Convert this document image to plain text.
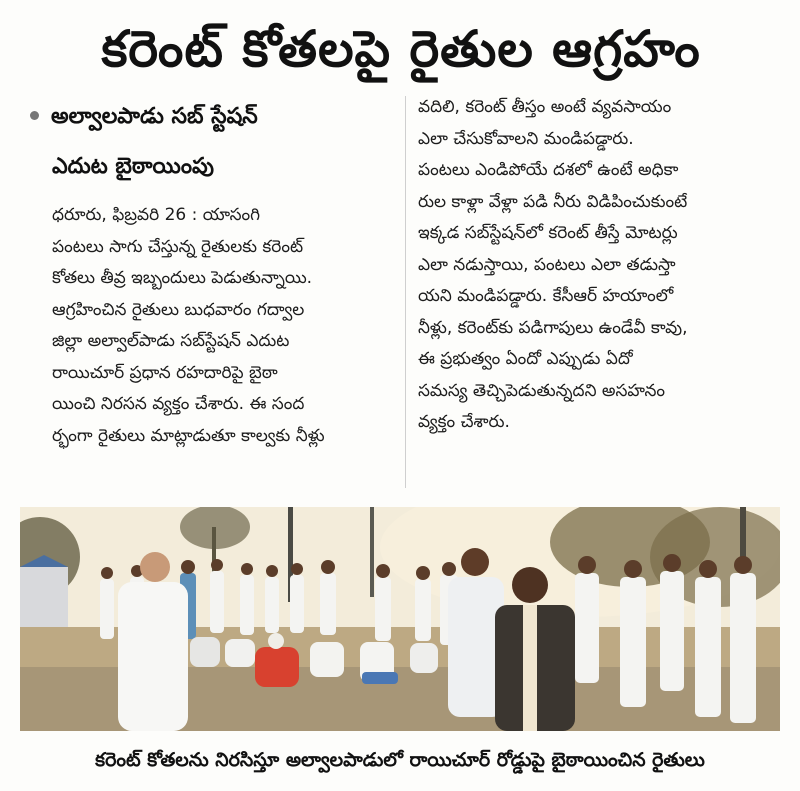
కరెంట్ కోతలపై రైతుల ఆగ్రహం
అల్వాలపాడు సబ్ స్టేషన్
ఎదుట బైఠాయింపు
ధరూరు, ఫిబ్రవరి 26 : యాసంగి
పంటలు సాగు చేస్తున్న రైతులకు కరెంట్
కోతలు తీవ్ర ఇబ్బందులు పెడుతున్నాయి.
ఆగ్రహించిన రైతులు బుధవారం గద్వాల
జిల్లా అల్వాల్‌పాడు సబ్‌స్టేషన్ ఎదుట
రాయిచూర్ ప్రధాన రహదారిపై బైఠా
యించి నిరసన వ్యక్తం చేశారు. ఈ సంద
ర్భంగా రైతులు మాట్లాడుతూ కాల్వకు నీళ్లు
వదిలి, కరెంట్ తీస్తం అంటే వ్యవసాయం
ఎలా చేసుకోవాలని మండిపడ్డారు.
పంటలు ఎండిపోయే దశలో ఉంటే అధికా
రుల కాళ్లా వేళ్లా పడి నీరు విడిపించుకుంటే
ఇక్కడ సబ్‌స్టేషన్‌లో కరెంట్ తీస్తే మోటర్లు
ఎలా నడుస్తాయి, పంటలు ఎలా తడుస్తా
యని మండిపడ్డారు. కేసీఆర్ హయాంలో
నీళ్లు, కరెంట్‌కు పడిగాపులు ఉండేవీ కావు,
ఈ ప్రభుత్వం ఏందో ఎప్పుడు ఏదో
సమస్య తెచ్చిపెడుతున్నదని అసహనం
వ్యక్తం చేశారు.
కరెంట్ కోతలను నిరసిస్తూ అల్వాలపాడులో రాయిచూర్ రోడ్డుపై బైఠాయించిన రైతులు
